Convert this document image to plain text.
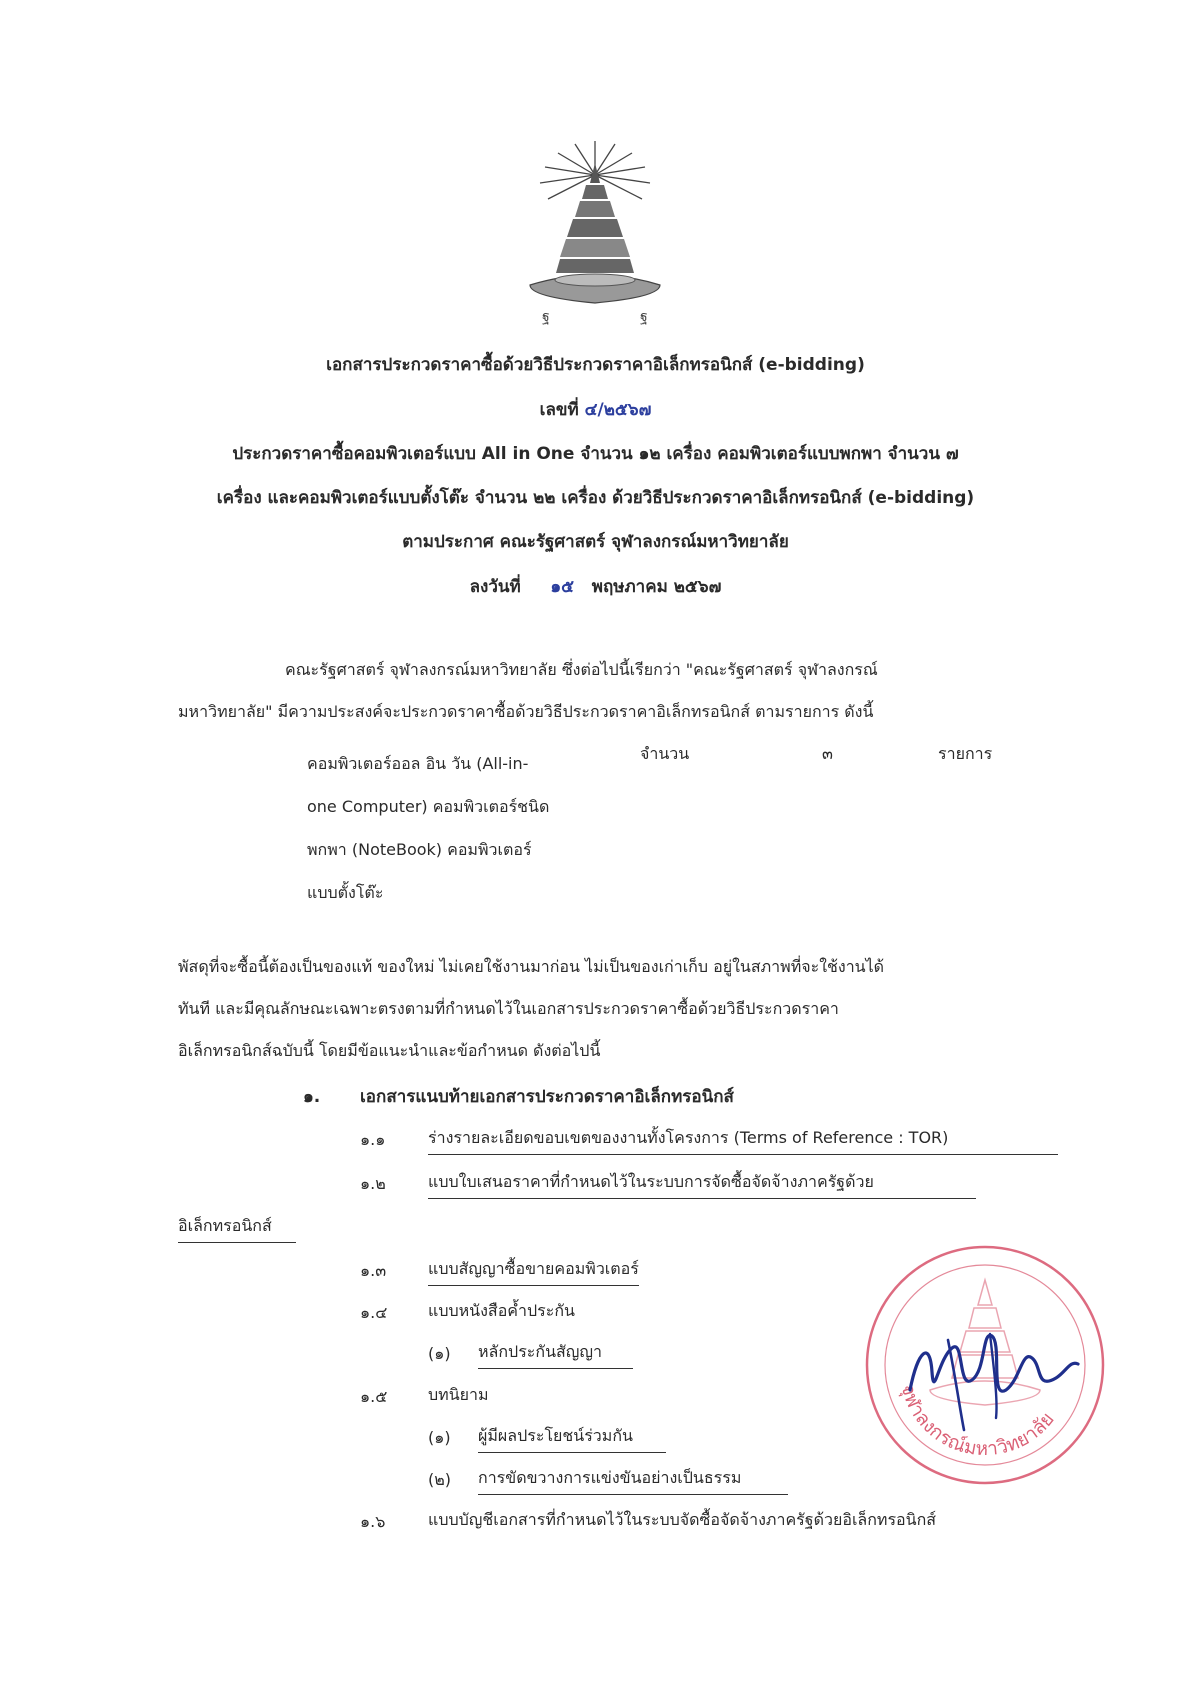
ฐ	ฐ
เอกสารประกวดราคาซื้อด้วยวิธีประกวดราคาอิเล็กทรอนิกส์ (e-bidding)
เลขที่ ๔/๒๕๖๗
ประกวดราคาซื้อคอมพิวเตอร์แบบ All in One จำนวน ๑๒ เครื่อง คอมพิวเตอร์แบบพกพา จำนวน ๗
เครื่อง และคอมพิวเตอร์แบบตั้งโต๊ะ จำนวน ๒๒ เครื่อง ด้วยวิธีประกวดราคาอิเล็กทรอนิกส์ (e-bidding)
ตามประกาศ คณะรัฐศาสตร์ จุฬาลงกรณ์มหาวิทยาลัย
ลงวันที่ ๑๕ พฤษภาคม ๒๕๖๗
คณะรัฐศาสตร์ จุฬาลงกรณ์มหาวิทยาลัย ซึ่งต่อไปนี้เรียกว่า "คณะรัฐศาสตร์ จุฬาลงกรณ์
มหาวิทยาลัย" มีความประสงค์จะประกวดราคาซื้อด้วยวิธีประกวดราคาอิเล็กทรอนิกส์ ตามรายการ ดังนี้
คอมพิวเตอร์ออล อิน วัน (All-in-
one Computer) คอมพิวเตอร์ชนิด
พกพา (NoteBook) คอมพิวเตอร์
แบบตั้งโต๊ะ
จำนวน	๓	รายการ
พัสดุที่จะซื้อนี้ต้องเป็นของแท้ ของใหม่ ไม่เคยใช้งานมาก่อน ไม่เป็นของเก่าเก็บ อยู่ในสภาพที่จะใช้งานได้
ทันที และมีคุณลักษณะเฉพาะตรงตามที่กำหนดไว้ในเอกสารประกวดราคาซื้อด้วยวิธีประกวดราคา
อิเล็กทรอนิกส์ฉบับนี้ โดยมีข้อแนะนำและข้อกำหนด ดังต่อไปนี้
๑. เอกสารแนบท้ายเอกสารประกวดราคาอิเล็กทรอนิกส์
๑.๑	ร่างรายละเอียดขอบเขตของงานทั้งโครงการ (Terms of Reference : TOR)
๑.๒	แบบใบเสนอราคาที่กำหนดไว้ในระบบการจัดซื้อจัดจ้างภาครัฐด้วย
อิเล็กทรอนิกส์
๑.๓	แบบสัญญาซื้อขายคอมพิวเตอร์
๑.๔	แบบหนังสือค้ำประกัน
(๑) หลักประกันสัญญา
๑.๕	บทนิยาม
(๑) ผู้มีผลประโยชน์ร่วมกัน
(๒) การขัดขวางการแข่งขันอย่างเป็นธรรม
๑.๖	แบบบัญชีเอกสารที่กำหนดไว้ในระบบจัดซื้อจัดจ้างภาครัฐด้วยอิเล็กทรอนิกส์
จุฬาลงกรณ์มหาวิทยาลัย
